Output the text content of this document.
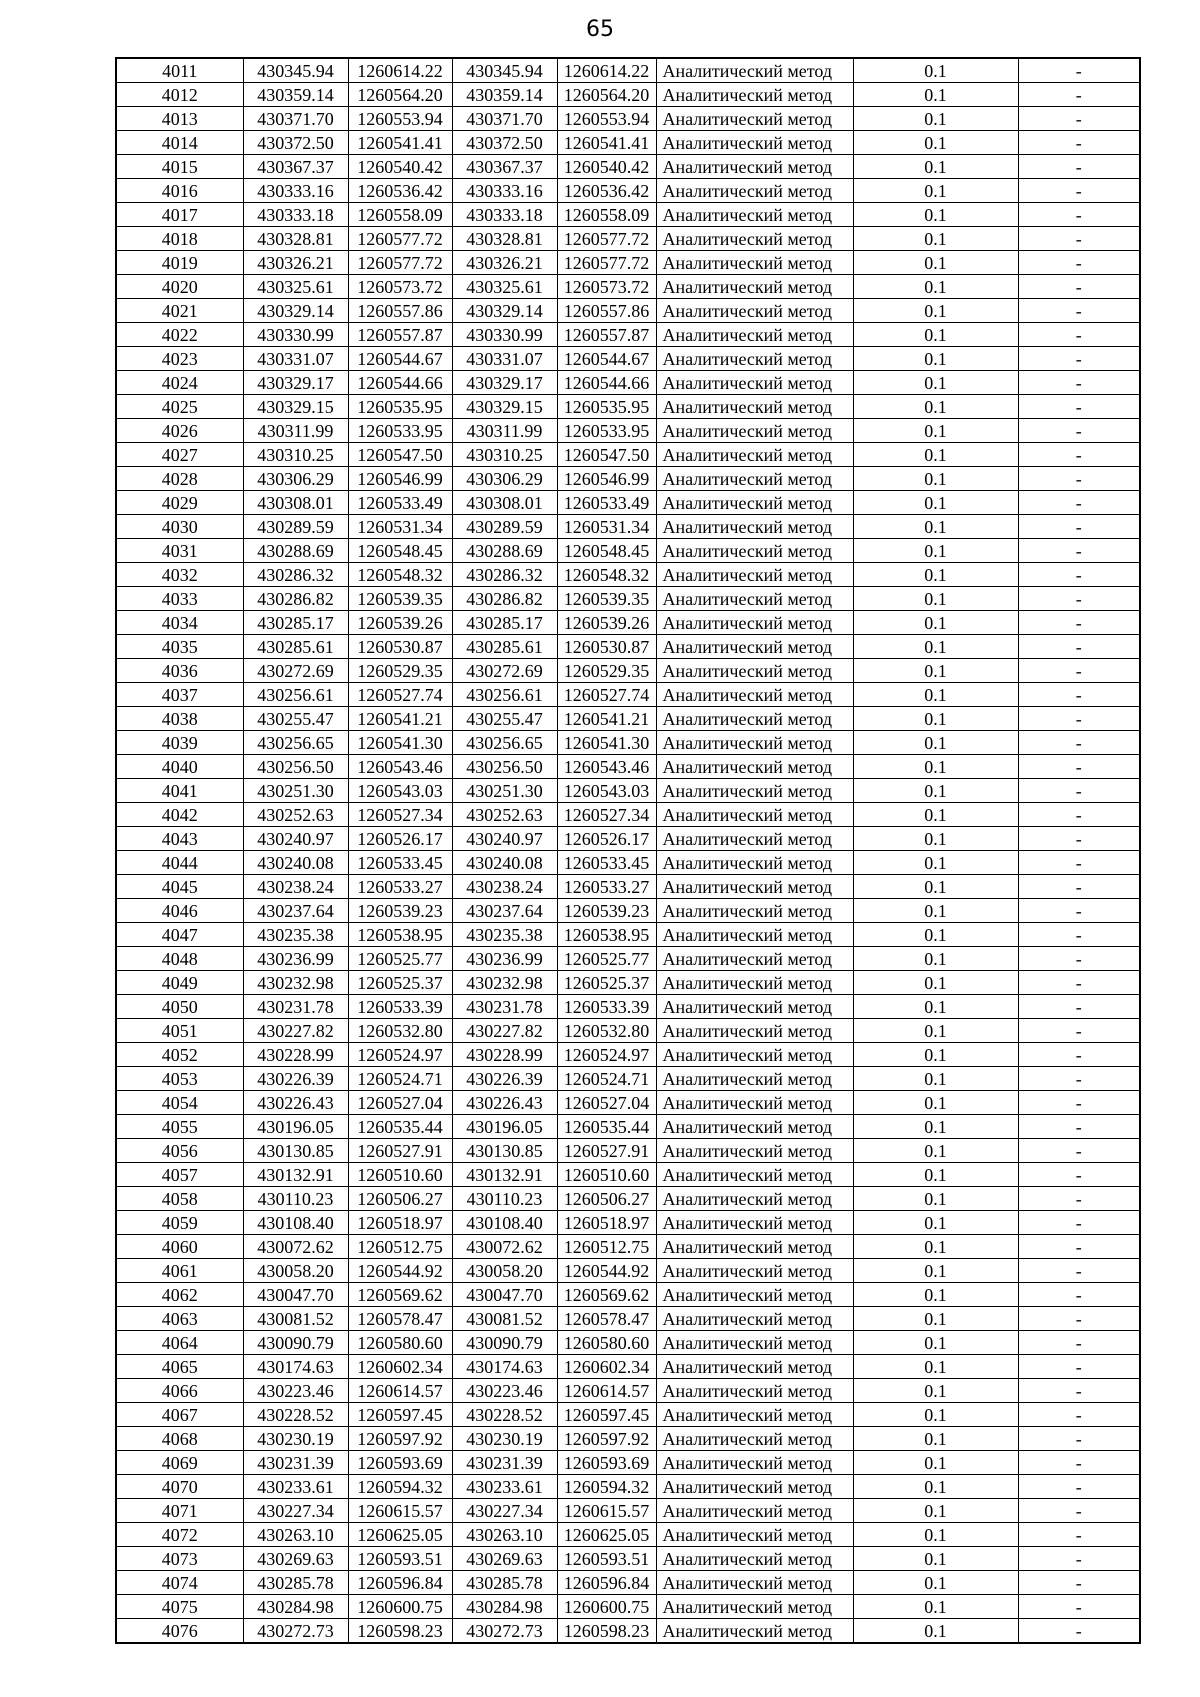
65
4011	430345.94	1260614.22	430345.94	1260614.22	Аналитический метод	0.1	-
4012	430359.14	1260564.20	430359.14	1260564.20	Аналитический метод	0.1	-
4013	430371.70	1260553.94	430371.70	1260553.94	Аналитический метод	0.1	-
4014	430372.50	1260541.41	430372.50	1260541.41	Аналитический метод	0.1	-
4015	430367.37	1260540.42	430367.37	1260540.42	Аналитический метод	0.1	-
4016	430333.16	1260536.42	430333.16	1260536.42	Аналитический метод	0.1	-
4017	430333.18	1260558.09	430333.18	1260558.09	Аналитический метод	0.1	-
4018	430328.81	1260577.72	430328.81	1260577.72	Аналитический метод	0.1	-
4019	430326.21	1260577.72	430326.21	1260577.72	Аналитический метод	0.1	-
4020	430325.61	1260573.72	430325.61	1260573.72	Аналитический метод	0.1	-
4021	430329.14	1260557.86	430329.14	1260557.86	Аналитический метод	0.1	-
4022	430330.99	1260557.87	430330.99	1260557.87	Аналитический метод	0.1	-
4023	430331.07	1260544.67	430331.07	1260544.67	Аналитический метод	0.1	-
4024	430329.17	1260544.66	430329.17	1260544.66	Аналитический метод	0.1	-
4025	430329.15	1260535.95	430329.15	1260535.95	Аналитический метод	0.1	-
4026	430311.99	1260533.95	430311.99	1260533.95	Аналитический метод	0.1	-
4027	430310.25	1260547.50	430310.25	1260547.50	Аналитический метод	0.1	-
4028	430306.29	1260546.99	430306.29	1260546.99	Аналитический метод	0.1	-
4029	430308.01	1260533.49	430308.01	1260533.49	Аналитический метод	0.1	-
4030	430289.59	1260531.34	430289.59	1260531.34	Аналитический метод	0.1	-
4031	430288.69	1260548.45	430288.69	1260548.45	Аналитический метод	0.1	-
4032	430286.32	1260548.32	430286.32	1260548.32	Аналитический метод	0.1	-
4033	430286.82	1260539.35	430286.82	1260539.35	Аналитический метод	0.1	-
4034	430285.17	1260539.26	430285.17	1260539.26	Аналитический метод	0.1	-
4035	430285.61	1260530.87	430285.61	1260530.87	Аналитический метод	0.1	-
4036	430272.69	1260529.35	430272.69	1260529.35	Аналитический метод	0.1	-
4037	430256.61	1260527.74	430256.61	1260527.74	Аналитический метод	0.1	-
4038	430255.47	1260541.21	430255.47	1260541.21	Аналитический метод	0.1	-
4039	430256.65	1260541.30	430256.65	1260541.30	Аналитический метод	0.1	-
4040	430256.50	1260543.46	430256.50	1260543.46	Аналитический метод	0.1	-
4041	430251.30	1260543.03	430251.30	1260543.03	Аналитический метод	0.1	-
4042	430252.63	1260527.34	430252.63	1260527.34	Аналитический метод	0.1	-
4043	430240.97	1260526.17	430240.97	1260526.17	Аналитический метод	0.1	-
4044	430240.08	1260533.45	430240.08	1260533.45	Аналитический метод	0.1	-
4045	430238.24	1260533.27	430238.24	1260533.27	Аналитический метод	0.1	-
4046	430237.64	1260539.23	430237.64	1260539.23	Аналитический метод	0.1	-
4047	430235.38	1260538.95	430235.38	1260538.95	Аналитический метод	0.1	-
4048	430236.99	1260525.77	430236.99	1260525.77	Аналитический метод	0.1	-
4049	430232.98	1260525.37	430232.98	1260525.37	Аналитический метод	0.1	-
4050	430231.78	1260533.39	430231.78	1260533.39	Аналитический метод	0.1	-
4051	430227.82	1260532.80	430227.82	1260532.80	Аналитический метод	0.1	-
4052	430228.99	1260524.97	430228.99	1260524.97	Аналитический метод	0.1	-
4053	430226.39	1260524.71	430226.39	1260524.71	Аналитический метод	0.1	-
4054	430226.43	1260527.04	430226.43	1260527.04	Аналитический метод	0.1	-
4055	430196.05	1260535.44	430196.05	1260535.44	Аналитический метод	0.1	-
4056	430130.85	1260527.91	430130.85	1260527.91	Аналитический метод	0.1	-
4057	430132.91	1260510.60	430132.91	1260510.60	Аналитический метод	0.1	-
4058	430110.23	1260506.27	430110.23	1260506.27	Аналитический метод	0.1	-
4059	430108.40	1260518.97	430108.40	1260518.97	Аналитический метод	0.1	-
4060	430072.62	1260512.75	430072.62	1260512.75	Аналитический метод	0.1	-
4061	430058.20	1260544.92	430058.20	1260544.92	Аналитический метод	0.1	-
4062	430047.70	1260569.62	430047.70	1260569.62	Аналитический метод	0.1	-
4063	430081.52	1260578.47	430081.52	1260578.47	Аналитический метод	0.1	-
4064	430090.79	1260580.60	430090.79	1260580.60	Аналитический метод	0.1	-
4065	430174.63	1260602.34	430174.63	1260602.34	Аналитический метод	0.1	-
4066	430223.46	1260614.57	430223.46	1260614.57	Аналитический метод	0.1	-
4067	430228.52	1260597.45	430228.52	1260597.45	Аналитический метод	0.1	-
4068	430230.19	1260597.92	430230.19	1260597.92	Аналитический метод	0.1	-
4069	430231.39	1260593.69	430231.39	1260593.69	Аналитический метод	0.1	-
4070	430233.61	1260594.32	430233.61	1260594.32	Аналитический метод	0.1	-
4071	430227.34	1260615.57	430227.34	1260615.57	Аналитический метод	0.1	-
4072	430263.10	1260625.05	430263.10	1260625.05	Аналитический метод	0.1	-
4073	430269.63	1260593.51	430269.63	1260593.51	Аналитический метод	0.1	-
4074	430285.78	1260596.84	430285.78	1260596.84	Аналитический метод	0.1	-
4075	430284.98	1260600.75	430284.98	1260600.75	Аналитический метод	0.1	-
4076	430272.73	1260598.23	430272.73	1260598.23	Аналитический метод	0.1	-
